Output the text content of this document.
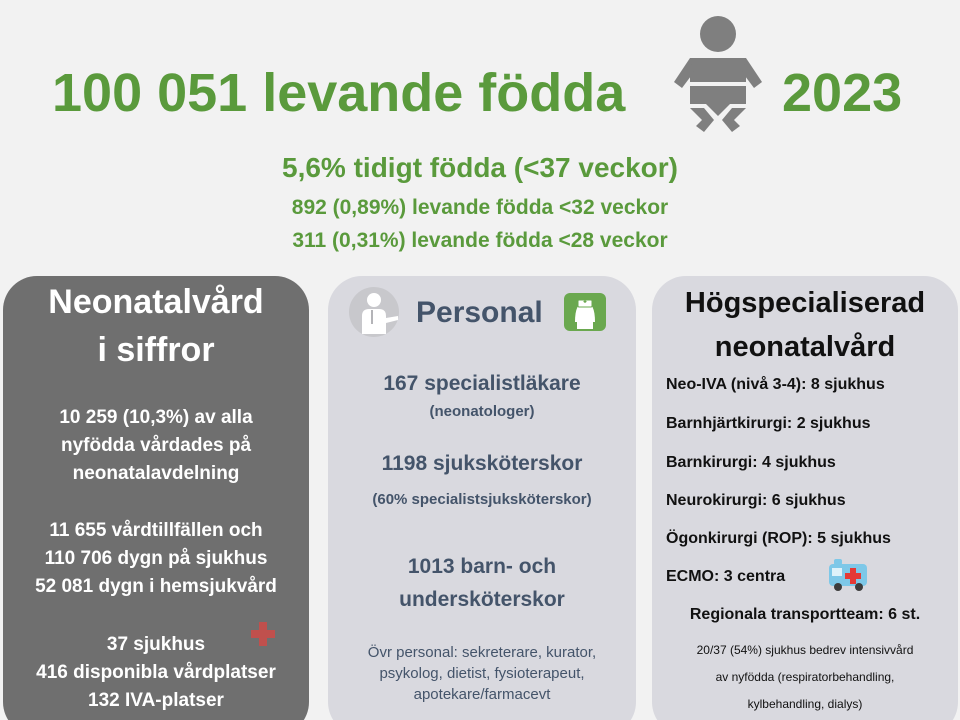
100 051 levande födda	2023
5,6% tidigt födda (<37 veckor)
892 (0,89%) levande födda <32 veckor
311 (0,31%) levande födda <28 veckor
Neonatalvård
i siffror
10 259 (10,3%) av alla
nyfödda vårdades på
neonatalavdelning
11 655 vårdtillfällen och
110 706 dygn på sjukhus
52 081 dygn i hemsjukvård
37 sjukhus
416 disponibla vårdplatser
132 IVA-platser
Personal
167 specialistläkare
(neonatologer)
1198 sjuksköterskor
(60% specialistsjuksköterskor)
1013 barn- och
undersköterskor
Övr personal: sekreterare, kurator,
psykolog, dietist, fysioterapeut,
apotekare/farmacevt
Högspecialiserad
neonatalvård
Neo-IVA (nivå 3-4): 8 sjukhus
Barnhjärtkirurgi: 2 sjukhus
Barnkirurgi: 4 sjukhus
Neurokirurgi: 6 sjukhus
Ögonkirurgi (ROP): 5 sjukhus
ECMO: 3 centra
Regionala transportteam: 6 st.
20/37 (54%) sjukhus bedrev intensivvård
av nyfödda (respiratorbehandling,
kylbehandling, dialys)
